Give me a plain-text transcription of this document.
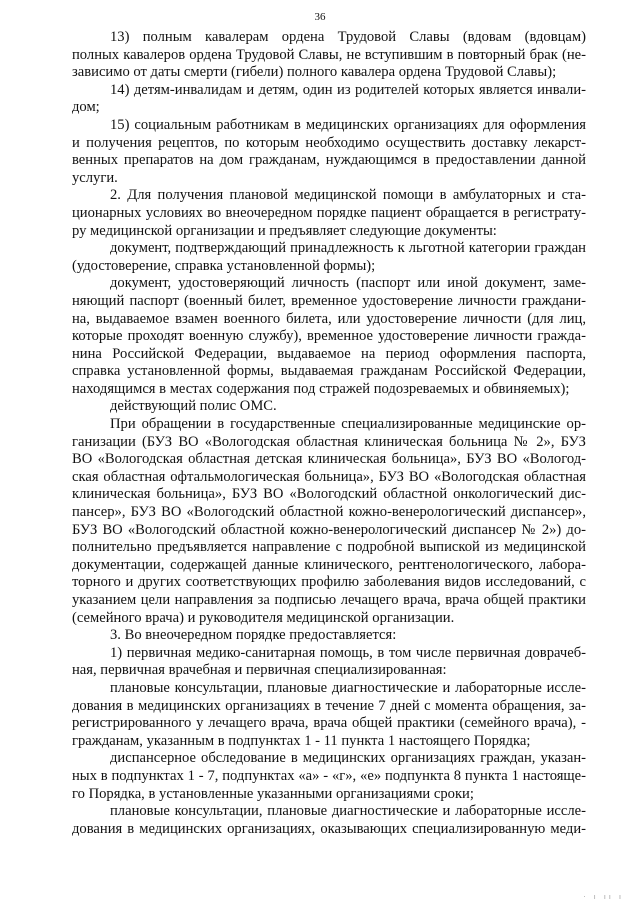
36
13) полным кавалерам ордена Трудовой Славы (вдовам (вдовцам)
полных кавалеров ордена Трудовой Славы, не вступившим в повторный брак (не-
зависимо от даты смерти (гибели) полного кавалера ордена Трудовой Славы);
14) детям-инвалидам и детям, один из родителей которых является инвали-
дом;
15) социальным работникам в медицинских организациях для оформления
и получения рецептов, по которым необходимо осуществить доставку лекарст-
венных препаратов на дом гражданам, нуждающимся в предоставлении данной
услуги.
2. Для получения плановой медицинской помощи в амбулаторных и ста-
ционарных условиях во внеочередном порядке пациент обращается в регистрату-
ру медицинской организации и предъявляет следующие документы:
документ, подтверждающий принадлежность к льготной категории граждан
(удостоверение, справка установленной формы);
документ, удостоверяющий личность (паспорт или иной документ, заме-
няющий паспорт (военный билет, временное удостоверение личности граждани-
на, выдаваемое взамен военного билета, или удостоверение личности (для лиц,
которые проходят военную службу), временное удостоверение личности гражда-
нина Российской Федерации, выдаваемое на период оформления паспорта,
справка установленной формы, выдаваемая гражданам Российской Федерации,
находящимся в местах содержания под стражей подозреваемых и обвиняемых);
действующий полис ОМС.
При обращении в государственные специализированные медицинские ор-
ганизации (БУЗ ВО «Вологодская областная клиническая больница № 2», БУЗ
ВО «Вологодская областная детская клиническая больница», БУЗ ВО «Вологод-
ская областная офтальмологическая больница», БУЗ ВО «Вологодская областная
клиническая больница», БУЗ ВО «Вологодский областной онкологический дис-
пансер», БУЗ ВО «Вологодский областной кожно-венерологический диспансер»,
БУЗ ВО «Вологодский областной кожно-венерологический диспансер № 2») до-
полнительно предъявляется направление с подробной выпиской из медицинской
документации, содержащей данные клинического, рентгенологического, лабора-
торного и других соответствующих профилю заболевания видов исследований, с
указанием цели направления за подписью лечащего врача, врача общей практики
(семейного врача) и руководителя медицинской организации.
3. Во внеочередном порядке предоставляется:
1) первичная медико-санитарная помощь, в том числе первичная доврачеб-
ная, первичная врачебная и первичная специализированная:
плановые консультации, плановые диагностические и лабораторные иссле-
дования в медицинских организациях в течение 7 дней с момента обращения, за-
регистрированного у лечащего врача, врача общей практики (семейного врача), -
гражданам, указанным в подпунктах 1 - 11 пункта 1 настоящего Порядка;
диспансерное обследование в медицинских организациях граждан, указан-
ных в подпунктах 1 - 7, подпунктах «а» - «г», «е» подпункта 8 пункта 1 настояще-
го Порядка, в установленные указанными организациями сроки;
плановые консультации, плановые диагностические и лабораторные иссле-
дования в медицинских организациях, оказывающих специализированную меди-
· ı ıı ı
